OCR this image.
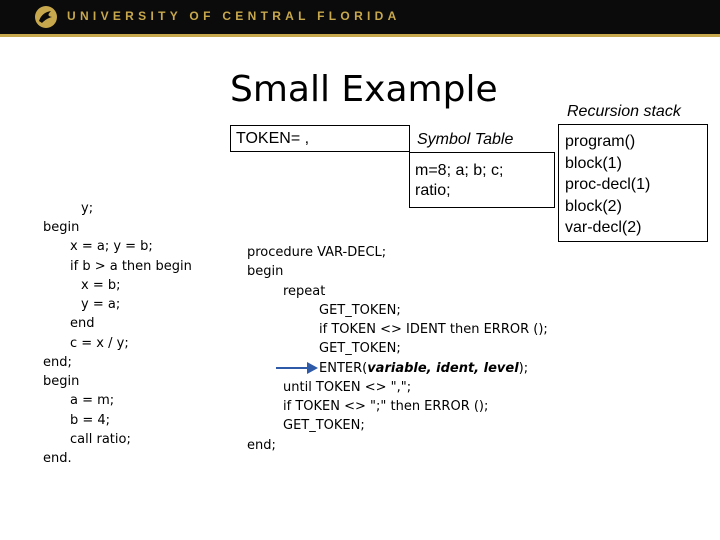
UNIVERSITY OF CENTRAL FLORIDA
Small Example
TOKEN= ,	Symbol Table
m=8; a; b; c;
ratio;
Recursion stack
program()
block(1)
proc-decl(1)
block(2)
var-decl(2)
y;
begin
x = a; y = b;
if b > a then begin
x = b;
y = a;
end
c = x / y;
end;
begin
a = m;
b = 4;
call ratio;
end.
procedure VAR-DECL;
begin
repeat
GET_TOKEN;
if TOKEN <> IDENT then ERROR ();
GET_TOKEN;
ENTER(variable, ident, level);
until TOKEN <> ",";
if TOKEN <> ";" then ERROR ();
GET_TOKEN;
end;
